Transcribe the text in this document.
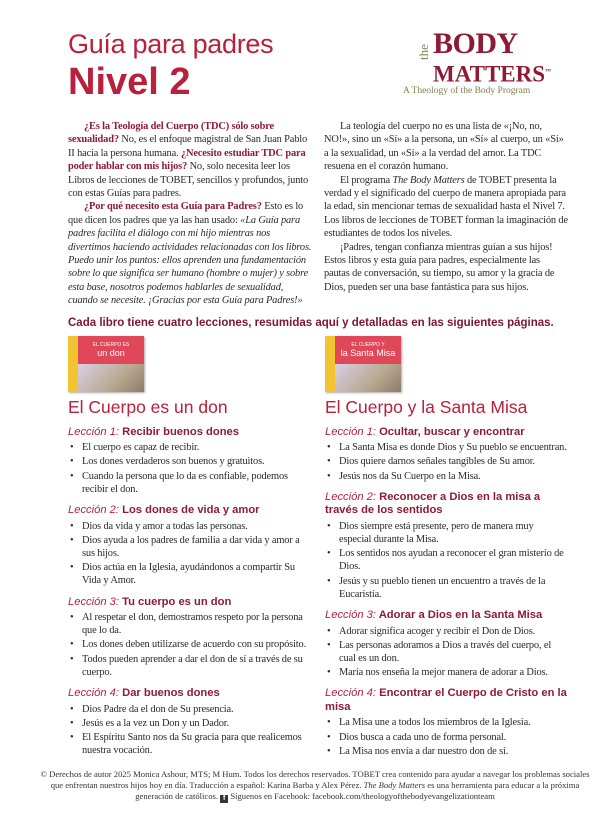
Guía para padres
Nivel 2
the BODY
MATTERS™
A Theology of the Body Program

¿Es la Teología del Cuerpo (TDC) sólo sobre sexualidad? No, es el enfoque magistral de San Juan Pablo II hacia la persona humana. ¿Necesito estudiar TDC para poder hablar con mis hijos? No, solo necesita leer los Libros de lecciones de TOBET, sencillos y profundos, junto con estas Guías para padres.

¿Por qué necesito esta Guía para Padres? Esto es lo que dicen los padres que ya las han usado: «La Guía para padres facilita el diálogo con mi hijo mientras nos divertimos haciendo actividades relacionadas con los libros. Puedo unir los puntos: ellos aprenden una fundamentación sobre lo que significa ser humano (hombre o mujer) y sobre esta base, nosotros podemos hablarles de sexualidad, cuando se necesite. ¡Gracias por esta Guía para Padres!»

La teología del cuerpo no es una lista de «¡No, no, NO!», sino un «Sí» a la persona, un «Sí» al cuerpo, un «Sí» a la sexualidad, un «Sí» a la verdad del amor. La TDC resuena en el corazón humano.

El programa The Body Matters de TOBET presenta la verdad y el significado del cuerpo de manera apropiada para la edad, sin mencionar temas de sexualidad hasta el Nivel 7. Los libros de lecciones de TOBET forman la imaginación de estudiantes de todos los niveles.

¡Padres, tengan confianza mientras guían a sus hijos! Estos libros y esta guía para padres, especialmente las pautas de conversación, su tiempo, su amor y la gracia de Dios, pueden ser una base fantástica para sus hijos.

Cada libro tiene cuatro lecciones, resumidas aquí y detalladas en las siguientes páginas.
EL CUERPO ES
un don
El Cuerpo es un don
Lección 1: Recibir buenos dones
• El cuerpo es capaz de recibir.
• Los dones verdaderos son buenos y gratuitos.
• Cuando la persona que lo da es confiable, podemos recibir el don.
Lección 2: Los dones de vida y amor
• Dios da vida y amor a todas las personas.
• Dios ayuda a los padres de familia a dar vida y amor a sus hijos.
• Dios actúa en la Iglesia, ayudándonos a compartir Su Vida y Amor.
Lección 3: Tu cuerpo es un don
• Al respetar el don, demostramos respeto por la persona que lo da.
• Los dones deben utilizarse de acuerdo con su propósito.
• Todos pueden aprender a dar el don de sí a través de su cuerpo.
Lección 4: Dar buenos dones
• Dios Padre da el don de Su presencia.
• Jesús es a la vez un Don y un Dador.
• El Espíritu Santo nos da Su gracia para que realicemos nuestra vocación.
EL CUERPO Y
la Santa Misa
El Cuerpo y la Santa Misa
Lección 1: Ocultar, buscar y encontrar
• La Santa Misa es donde Dios y Su pueblo se encuentran.
• Dios quiere darnos señales tangibles de Su amor.
• Jesús nos da Su Cuerpo en la Misa.
Lección 2: Reconocer a Dios en la misa a través de los sentidos
• Dios siempre está presente, pero de manera muy especial durante la Misa.
• Los sentidos nos ayudan a reconocer el gran misterio de Dios.
• Jesús y su pueblo tienen un encuentro a través de la Eucaristía.
Lección 3: Adorar a Dios en la Santa Misa
• Adorar significa acoger y recibir el Don de Dios.
• Las personas adoramos a Dios a través del cuerpo, el cual es un don.
• María nos enseña la mejor manera de adorar a Dios.
Lección 4: Encontrar el Cuerpo de Cristo en la misa
• La Misa une a todos los miembros de la Iglesia.
• Dios busca a cada uno de forma personal.
• La Misa nos envía a dar nuestro don de sí.
© Derechos de autor 2025 Monica Ashour, MTS; M Hum. Todos los derechos reservados. TOBET crea contenido para ayudar a navegar los problemas sociales que enfrentan nuestros hijos hoy en día. Traducción a español: Karina Barba y Alex Pérez. The Body Matters es una herramienta para educar a la próxima generación de católicos. f Síguenos en Facebook: facebook.com/theologyofthebodyevangelizationteam
